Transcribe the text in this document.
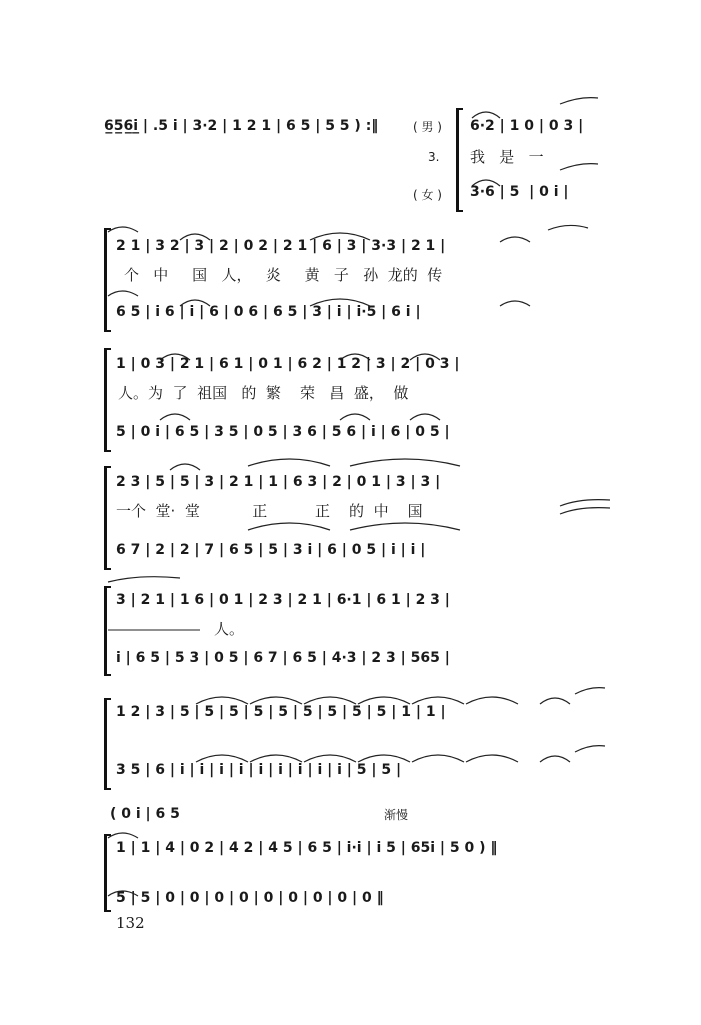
6̲5̲6̲i̲ | .5 i | 3·2 | 1 2 1 | 6 5 | 5 5 ) :‖	( 男 ) 6·2 | 1 0 | 0 3 |
3. 我   是   一
( 女 ) 3·6 | 5  | 0 i |
2 1 | 3 2 | 3 | 2 | 0 2 | 2 1 | 6 | 3 | 3·3 | 2 1 |
个   中     国   人，   炎     黄   子   孙  龙的  传
6 5 | i 6 | i | 6 | 0 6 | 6 5 | 3 | i | i·5 | 6 i |
1 | 0 3 | 2 1 | 6 1 | 0 1 | 6 2 | 1 2 | 3 | 2 | 0 3 |
人。为  了  祖国   的  繁    荣   昌  盛，  做
5 | 0 i | 6 5 | 3 5 | 0 5 | 3 6 | 5 6 | i | 6 | 0 5 |
2 3 | 5 | 5 | 3 | 2 1 | 1 | 6 3 | 2 | 0 1 | 3 | 3 |
一个  堂·  堂           正          正    的  中    国
6 7 | 2 | 2 | 7 | 6 5 | 5 | 3 i | 6 | 0 5 | i | i |
3 | 2 1 | 1 6 | 0 1 | 2 3 | 2 1 | 6·1 | 6 1 | 2 3 |
人。
i | 6 5 | 5 3 | 0 5 | 6 7 | 6 5 | 4·3 | 2 3 | 565 |
1 2 | 3 | 5 | 5 | 5 | 5 | 5 | 5 | 5 | 5 | 5 | 1 | 1 |
3 5 | 6 | i | i | i | i | i | i | i | i | i | 5 | 5 |
( 0 i | 6 5	渐慢
1 | 1 | 4 | 0 2 | 4 2 | 4 5 | 6 5 | i·i | i 5 | 65i | 5 0 ) ‖
5 | 5 | 0 | 0 | 0 | 0 | 0 | 0 | 0 | 0 | 0 ‖
132
